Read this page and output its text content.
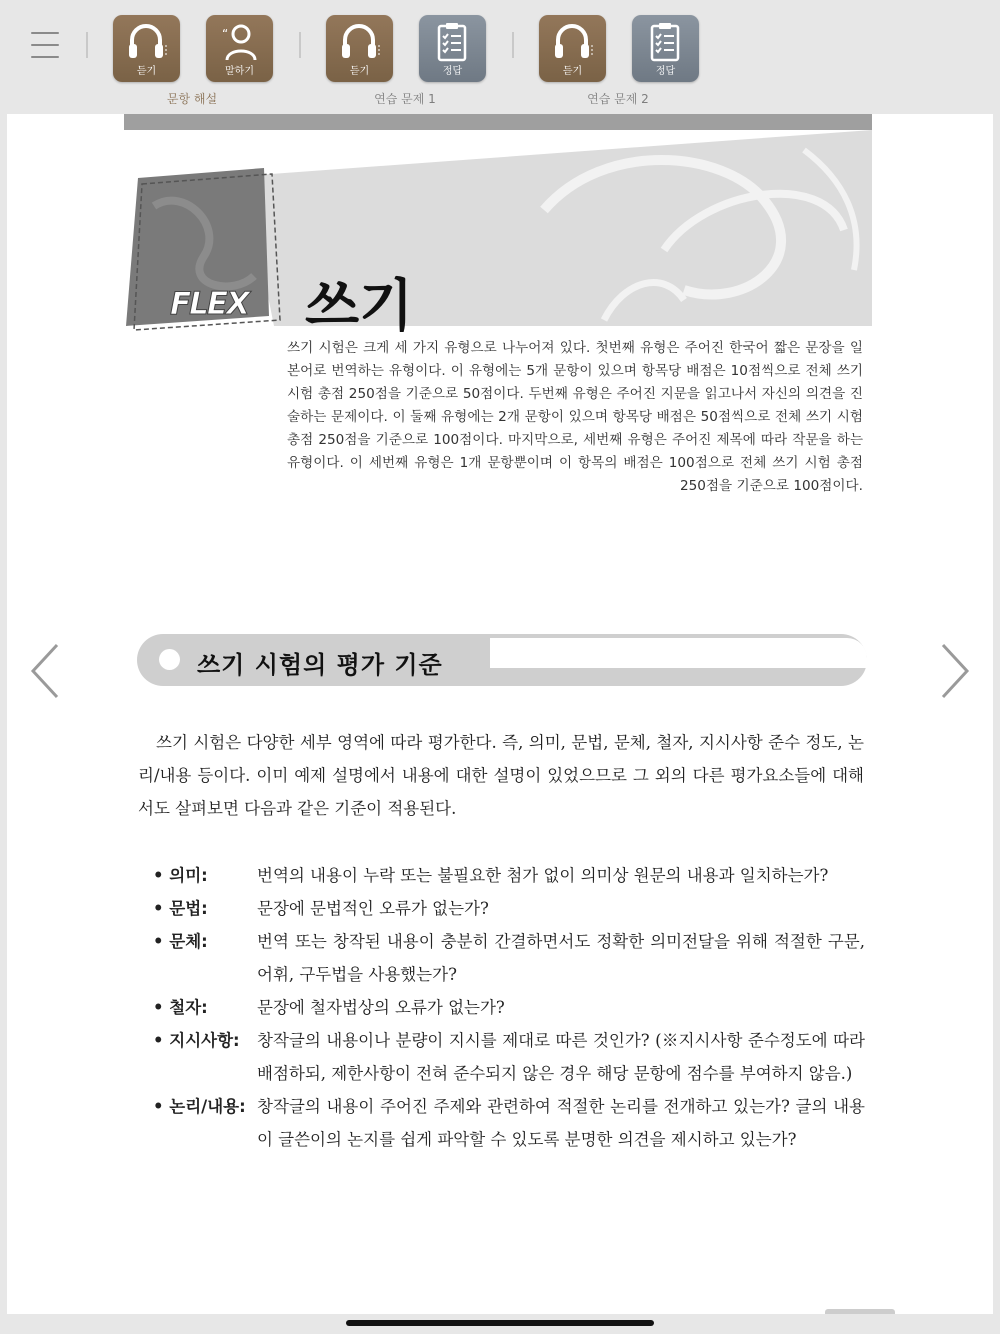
듣기
“
말하기
문항 해설
듣기	정답
연습 문제 1
듣기	정답
연습 문제 2
FLEX 쓰기
쓰기 시험은 크게 세 가지 유형으로 나누어져 있다. 첫번째 유형은 주어진 한국어 짧은 문장을 일본어로 번역하는 유형이다. 이 유형에는 5개 문항이 있으며 항목당 배점은 10점씩으로 전체 쓰기 시험 총점 250점을 기준으로 50점이다. 두번째 유형은 주어진 지문을 읽고나서 자신의 의견을 진술하는 문제이다. 이 둘째 유형에는 2개 문항이 있으며 항목당 배점은 50점씩으로 전체 쓰기 시험 총점 250점을 기준으로 100점이다. 마지막으로, 세번째 유형은 주어진 제목에 따라 작문을 하는 유형이다. 이 세번째 유형은 1개 문항뿐이며 이 항목의 배점은 100점으로 전체 쓰기 시험 총점 250점을 기준으로 100점이다.
쓰기 시험의 평가 기준
쓰기 시험은 다양한 세부 영역에 따라 평가한다. 즉, 의미, 문법, 문체, 철자, 지시사항 준수 정도, 논리/내용 등이다. 이미 예제 설명에서 내용에 대한 설명이 있었으므로 그 외의 다른 평가요소들에 대해서도 살펴보면 다음과 같은 기준이 적용된다.
• 의미:	번역의 내용이 누락 또는 불필요한 첨가 없이 의미상 원문의 내용과 일치하는가?
• 문법:	문장에 문법적인 오류가 없는가?
• 문체:	번역 또는 창작된 내용이 충분히 간결하면서도 정확한 의미전달을 위해 적절한 구문, 어휘, 구두법을 사용했는가?
• 철자:	문장에 철자법상의 오류가 없는가?
• 지시사항: 창작글의 내용이나 분량이 지시를 제대로 따른 것인가? (※지시사항 준수정도에 따라 배점하되, 제한사항이 전혀 준수되지 않은 경우 해당 문항에 점수를 부여하지 않음.)
• 논리/내용: 창작글의 내용이 주어진 주제와 관련하여 적절한 논리를 전개하고 있는가? 글의 내용이 글쓴이의 논지를 쉽게 파악할 수 있도록 분명한 의견을 제시하고 있는가?
